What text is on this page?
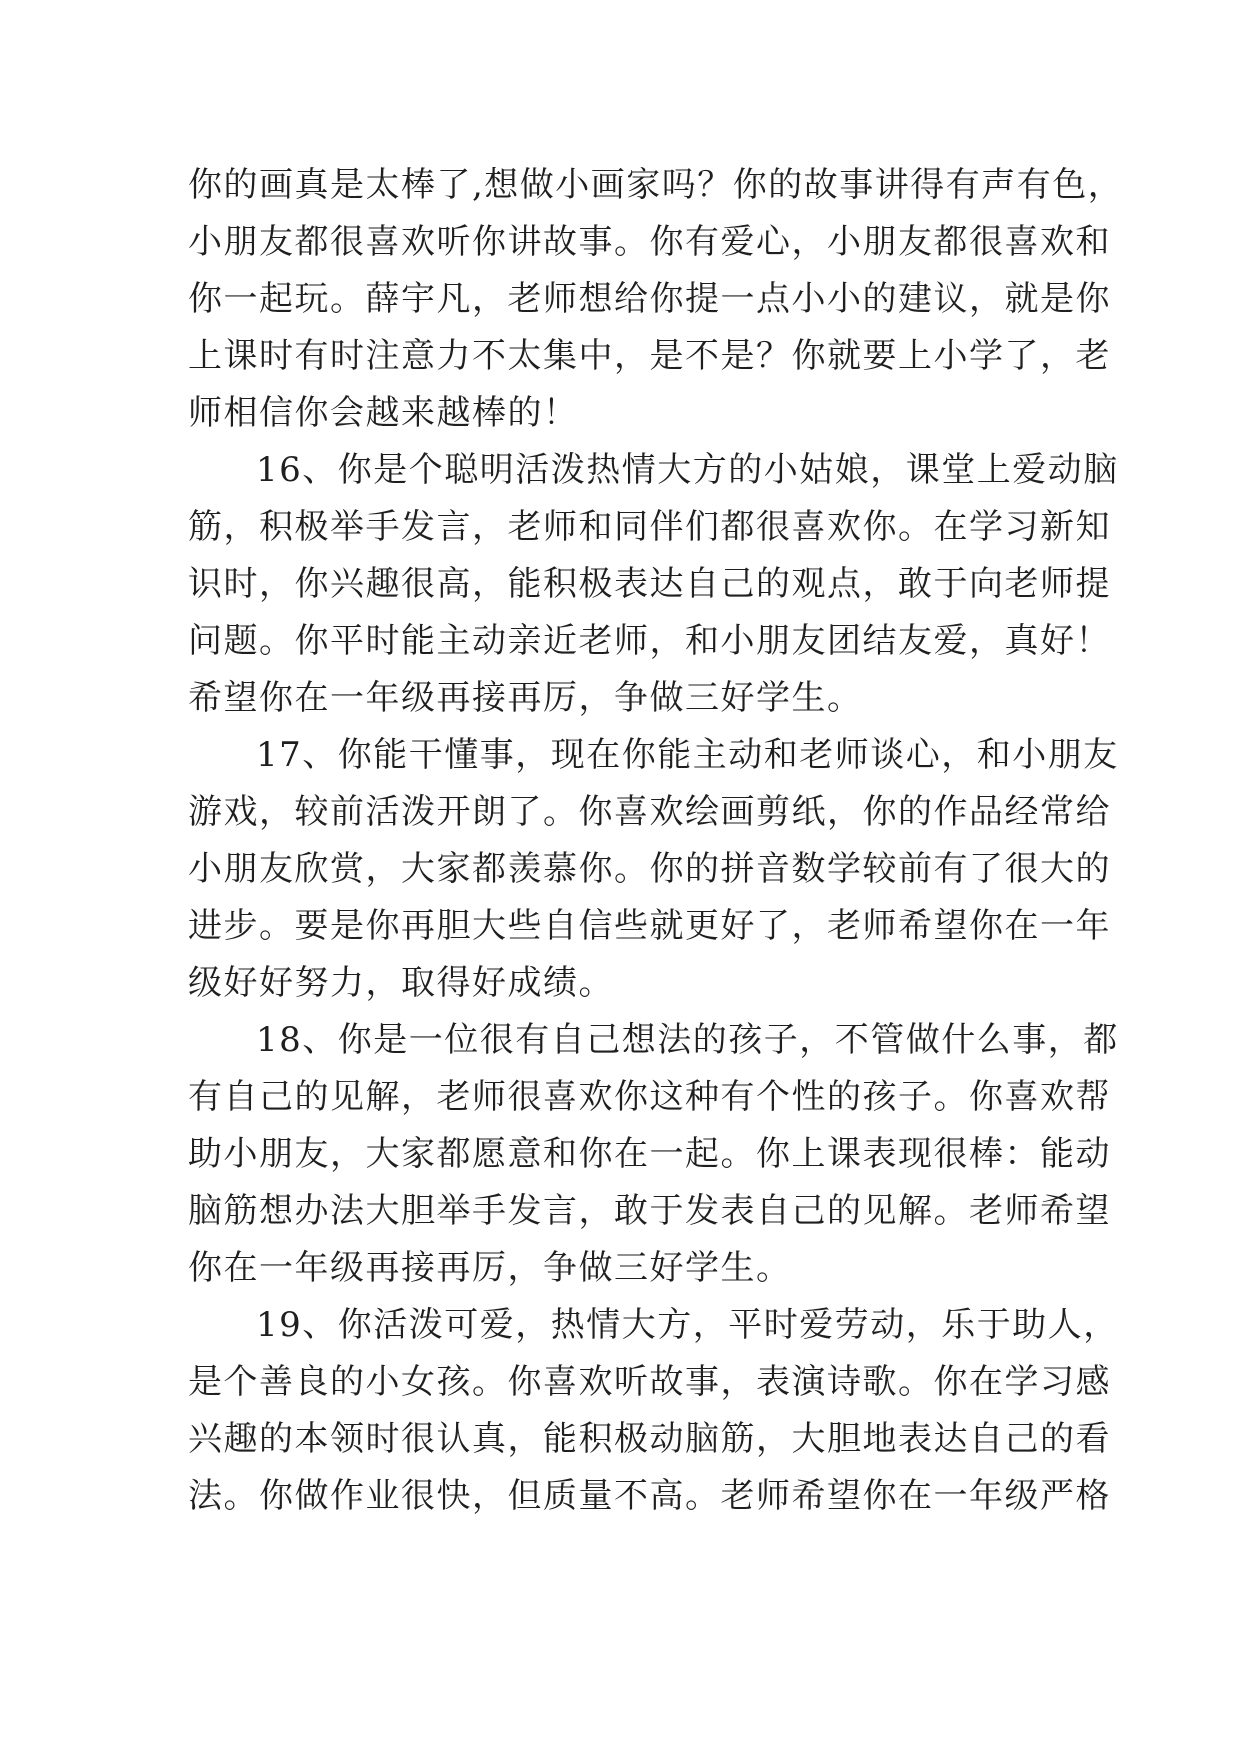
你的画真是太棒了,想做小画家吗？你的故事讲得有声有色，

小朋友都很喜欢听你讲故事。你有爱心，小朋友都很喜欢和

你一起玩。薛宇凡，老师想给你提一点小小的建议，就是你

上课时有时注意力不太集中，是不是？你就要上小学了，老

师相信你会越来越棒的！

16、你是个聪明活泼热情大方的小姑娘，课堂上爱动脑

筋，积极举手发言，老师和同伴们都很喜欢你。在学习新知

识时，你兴趣很高，能积极表达自己的观点，敢于向老师提

问题。你平时能主动亲近老师，和小朋友团结友爱，真好！

希望你在一年级再接再厉，争做三好学生。

17、你能干懂事，现在你能主动和老师谈心，和小朋友

游戏，较前活泼开朗了。你喜欢绘画剪纸，你的作品经常给

小朋友欣赏，大家都羡慕你。你的拼音数学较前有了很大的

进步。要是你再胆大些自信些就更好了，老师希望你在一年

级好好努力，取得好成绩。

18、你是一位很有自己想法的孩子，不管做什么事，都

有自己的见解，老师很喜欢你这种有个性的孩子。你喜欢帮

助小朋友，大家都愿意和你在一起。你上课表现很棒：能动

脑筋想办法大胆举手发言，敢于发表自己的见解。老师希望

你在一年级再接再厉，争做三好学生。

19、你活泼可爱，热情大方，平时爱劳动，乐于助人，

是个善良的小女孩。你喜欢听故事，表演诗歌。你在学习感

兴趣的本领时很认真，能积极动脑筋，大胆地表达自己的看

法。你做作业很快，但质量不高。老师希望你在一年级严格
